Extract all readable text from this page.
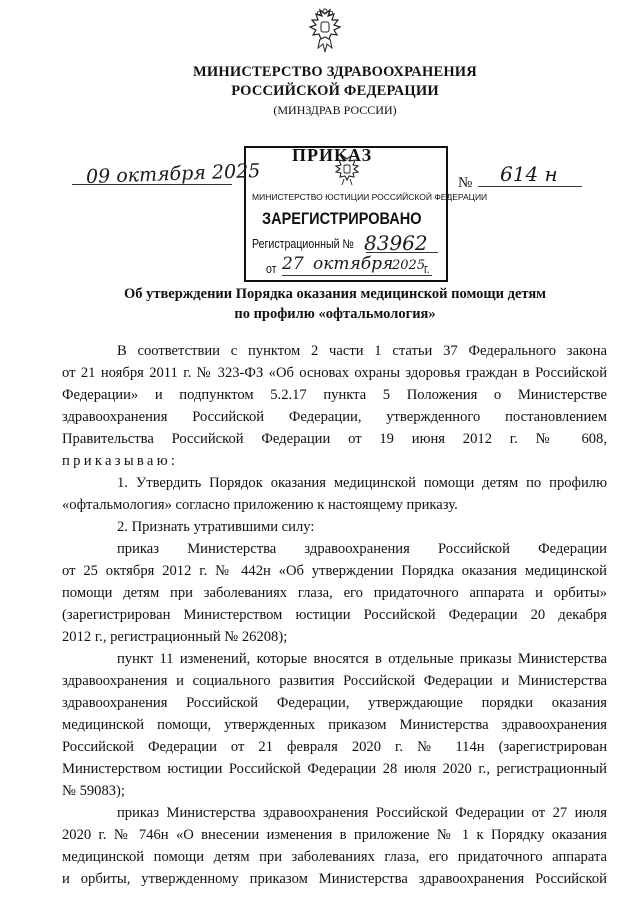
МИНИСТЕРСТВО ЗДРАВООХРАНЕНИЯ
РОССИЙСКОЙ ФЕДЕРАЦИИ
(МИНЗДРАВ РОССИИ)
ПРИКАЗ
МИНИСТЕРСТВО ЮСТИЦИИ РОССИЙСКОЙ ФЕДЕРАЦИИ
ЗАРЕГИСТРИРОВАНО
Регистрационный № 83962
от 27 октября
2025
г.
09 октября 2025	№ 614 н
Об утверждении Порядка оказания медицинской помощи детям
по профилю «офтальмология»
В соответствии с пунктом 2 части 1 статьи 37 Федерального закона
от 21 ноября 2011 г. № 323-ФЗ «Об основах охраны здоровья граждан в Российской
Федерации» и подпунктом 5.2.17 пункта 5 Положения о Министерстве
здравоохранения Российской Федерации, утвержденного постановлением
Правительства Российской Федерации от 19 июня 2012 г. № 608,
приказываю:
1. Утвердить Порядок оказания медицинской помощи детям по профилю
«офтальмология» согласно приложению к настоящему приказу.
2. Признать утратившими силу:
приказ Министерства здравоохранения Российской Федерации
от 25 октября 2012 г. № 442н «Об утверждении Порядка оказания медицинской
помощи детям при заболеваниях глаза, его придаточного аппарата и орбиты»
(зарегистрирован Министерством юстиции Российской Федерации 20 декабря
2012 г., регистрационный № 26208);
пункт 11 изменений, которые вносятся в отдельные приказы Министерства
здравоохранения и социального развития Российской Федерации и Министерства
здравоохранения Российской Федерации, утверждающие порядки оказания
медицинской помощи, утвержденных приказом Министерства здравоохранения
Российской Федерации от 21 февраля 2020 г. № 114н (зарегистрирован
Министерством юстиции Российской Федерации 28 июля 2020 г., регистрационный
№ 59083);
приказ Министерства здравоохранения Российской Федерации от 27 июля
2020 г. № 746н «О внесении изменения в приложение № 1 к Порядку оказания
медицинской помощи детям при заболеваниях глаза, его придаточного аппарата
и орбиты, утвержденному приказом Министерства здравоохранения Российской
